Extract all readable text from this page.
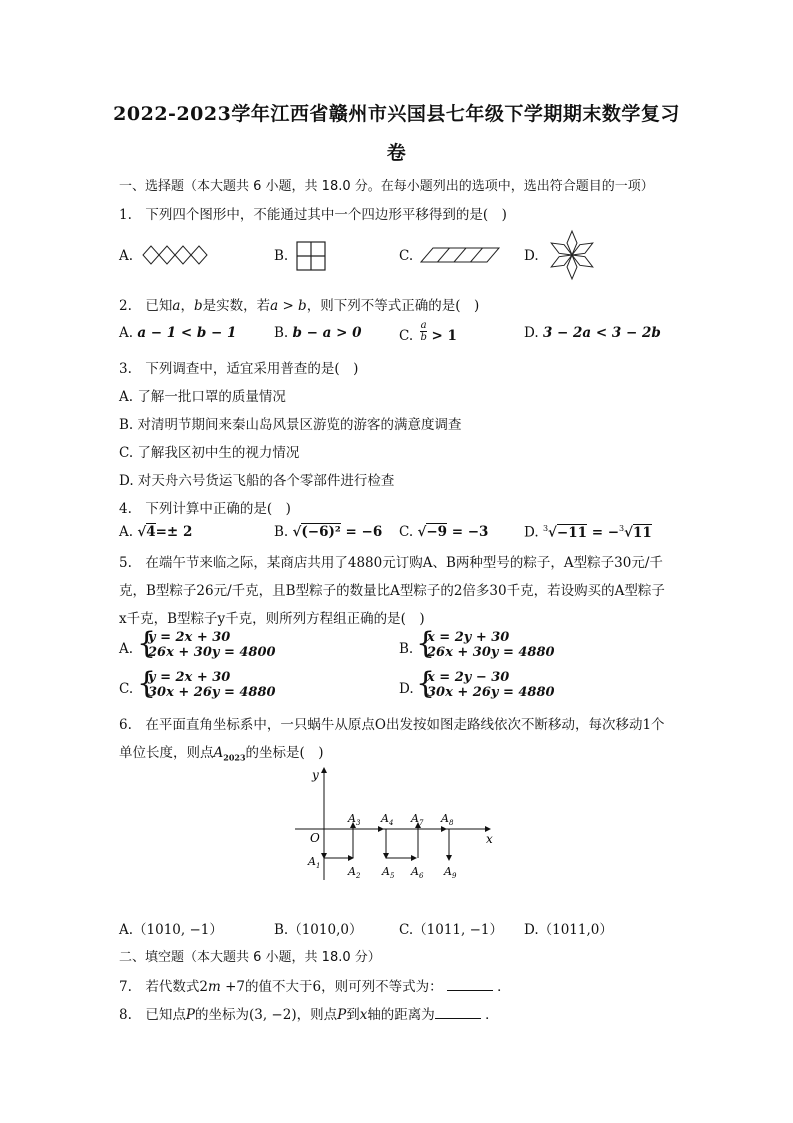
2022-2023学年江西省赣州市兴国县七年级下学期期末数学复习
卷
一、选择题（本大题共 6 小题，共 18.0 分。在每小题列出的选项中，选出符合题目的一项）
1.　下列四个图形中，不能通过其中一个四边形平移得到的是(　)
A.	B.	C.	D.
2.　已知a，b是实数，若a > b，则下列不等式正确的是(　)
A. a − 1 < b − 1	B. b − a > 0	C. $\frac{a}{b} > 1$	D. 3 − 2a < 3 − 2b
3.　下列调查中，适宜采用普查的是(　)
A. 了解一批口罩的质量情况
B. 对清明节期间来秦山岛风景区游览的游客的满意度调查
C. 了解我区初中生的视力情况
D. 对天舟六号货运飞船的各个零部件进行检查
4.　下列计算中正确的是(　)
A. √4=± 2	B. √(−6)² = −6 C. √−9 = −3	D. $^3$√−11 = −$^3$√11
5.　在端午节来临之际，某商店共用了4880元订购A、B两种型号的粽子，A型粽子30元/千
克，B型粽子26元/千克，且B型粽子的数量比A型粽子的2倍多30千克，若设购买的A型粽子
x千克，B型粽子y千克，则所列方程组正确的是(　)
A. {
y = 2x + 30
26x + 30y = 4800	B. {
x = 2y + 30
26x + 30y = 4880
C. {
y = 2x + 30
30x + 26y = 4880	D. {
x = 2y − 30
30x + 26y = 4880
6.　在平面直角坐标系中，一只蜗牛从原点O出发按如图走路线依次不断移动，每次移动1个
单位长度，则点$A_{2023}$的坐标是(　)
x
y
O
$A_1$	$A_2$
$A_3$ $A_4$
$A_5$ $A_6$
$A_7$ $A_8$
$A_9$
A.（1010, −1）	B.（1010,0）	C.（1011, −1） D.（1011,0）
二、填空题（本大题共 6 小题，共 18.0 分）
7.　若代数式2m +7的值不大于6，则可列不等式为：	．
8.　已知点P的坐标为(3, −2)，则点P到x轴的距离为	．
